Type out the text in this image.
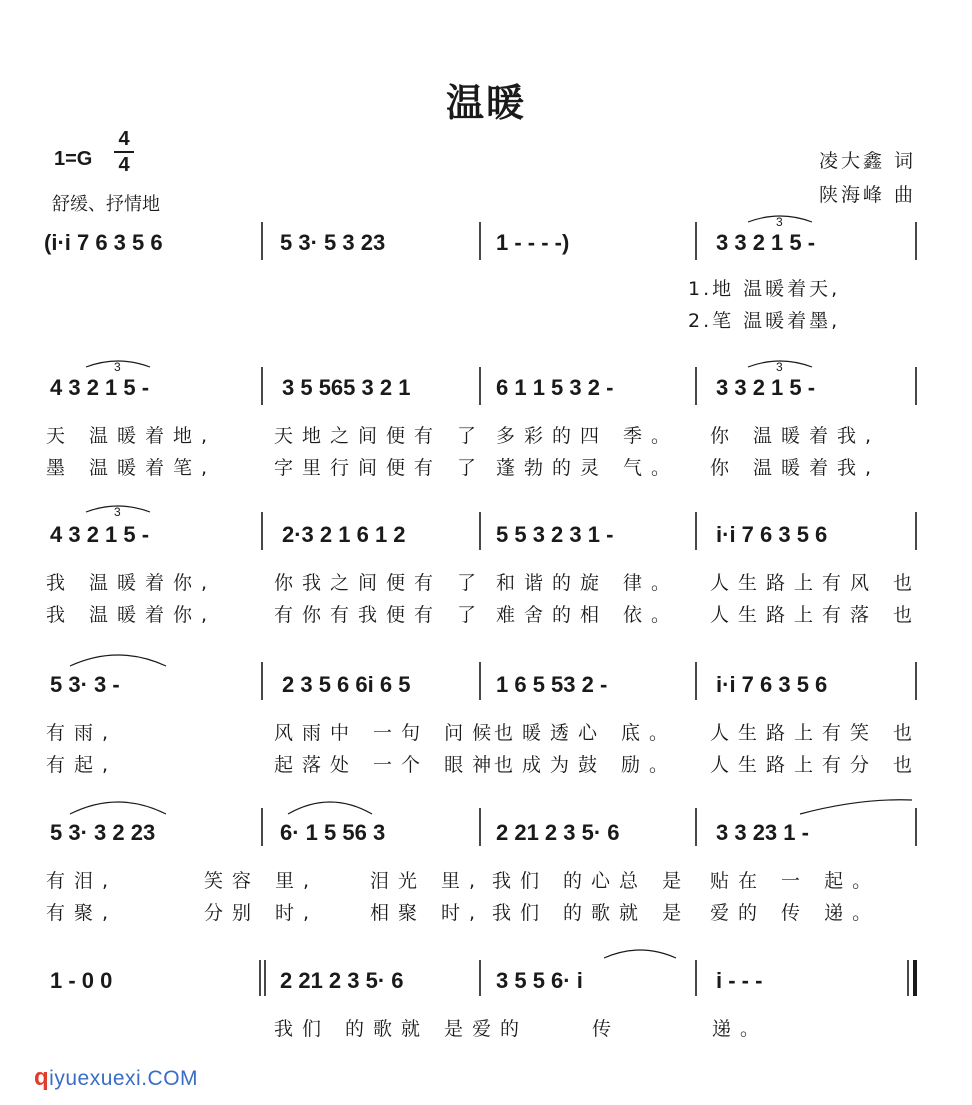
温暖
1=G
4
4
舒缓、抒情地
凌大鑫 词
陕海峰 曲
3
(i·i 7 6 3 5 6	5 3· 5 3 23	1 - - - -)	3 3 2 1 5 -
1.地 温暖着天,
2.笔 温暖着墨,
3	3
4 3 2 1 5 -	3 5 565 3 2 1	6 1 1 5 3 2 -	3 3 2 1 5 -
天 温暖着地,	天地之间便有 了 多彩的四 季。 你 温暖着我,
墨 温暖着笔,	字里行间便有 了 蓬勃的灵 气。 你 温暖着我,
3
4 3 2 1 5 -	2·3 2 1 6 1 2	5 5 3 2 3 1 -	i·i 7 6 3 5 6
我 温暖着你,	你我之间便有 了 和谐的旋 律。 人生路上有风 也
我 温暖着你,	有你有我便有 了 难舍的相 依。 人生路上有落 也
5 3· 3 -	2 3 5 6 6i 6 5	1 6 5 53 2 -	i·i 7 6 3 5 6
有雨,	风雨中 一句 问候
也暖透心 底。 人生路上有笑 也
有起,	起落处 一个 眼神
也成为鼓 励。 人生路上有分 也
5 3· 3 2 23	6· 1 5 56 3	2 21 2 3 5· 6	3 3 23 1 -
有泪,	笑容 里,	泪光 里, 我们 的心总 是 贴在 一 起。
有聚,	分别 时,	相聚 时, 我们 的歌就 是 爱的 传 递。
1 - 0 0	2 21 2 3 5· 6	3 5 5 6· i	i - - -
我们 的歌就 是爱的	传	递。
qiyuexuexi.COM
